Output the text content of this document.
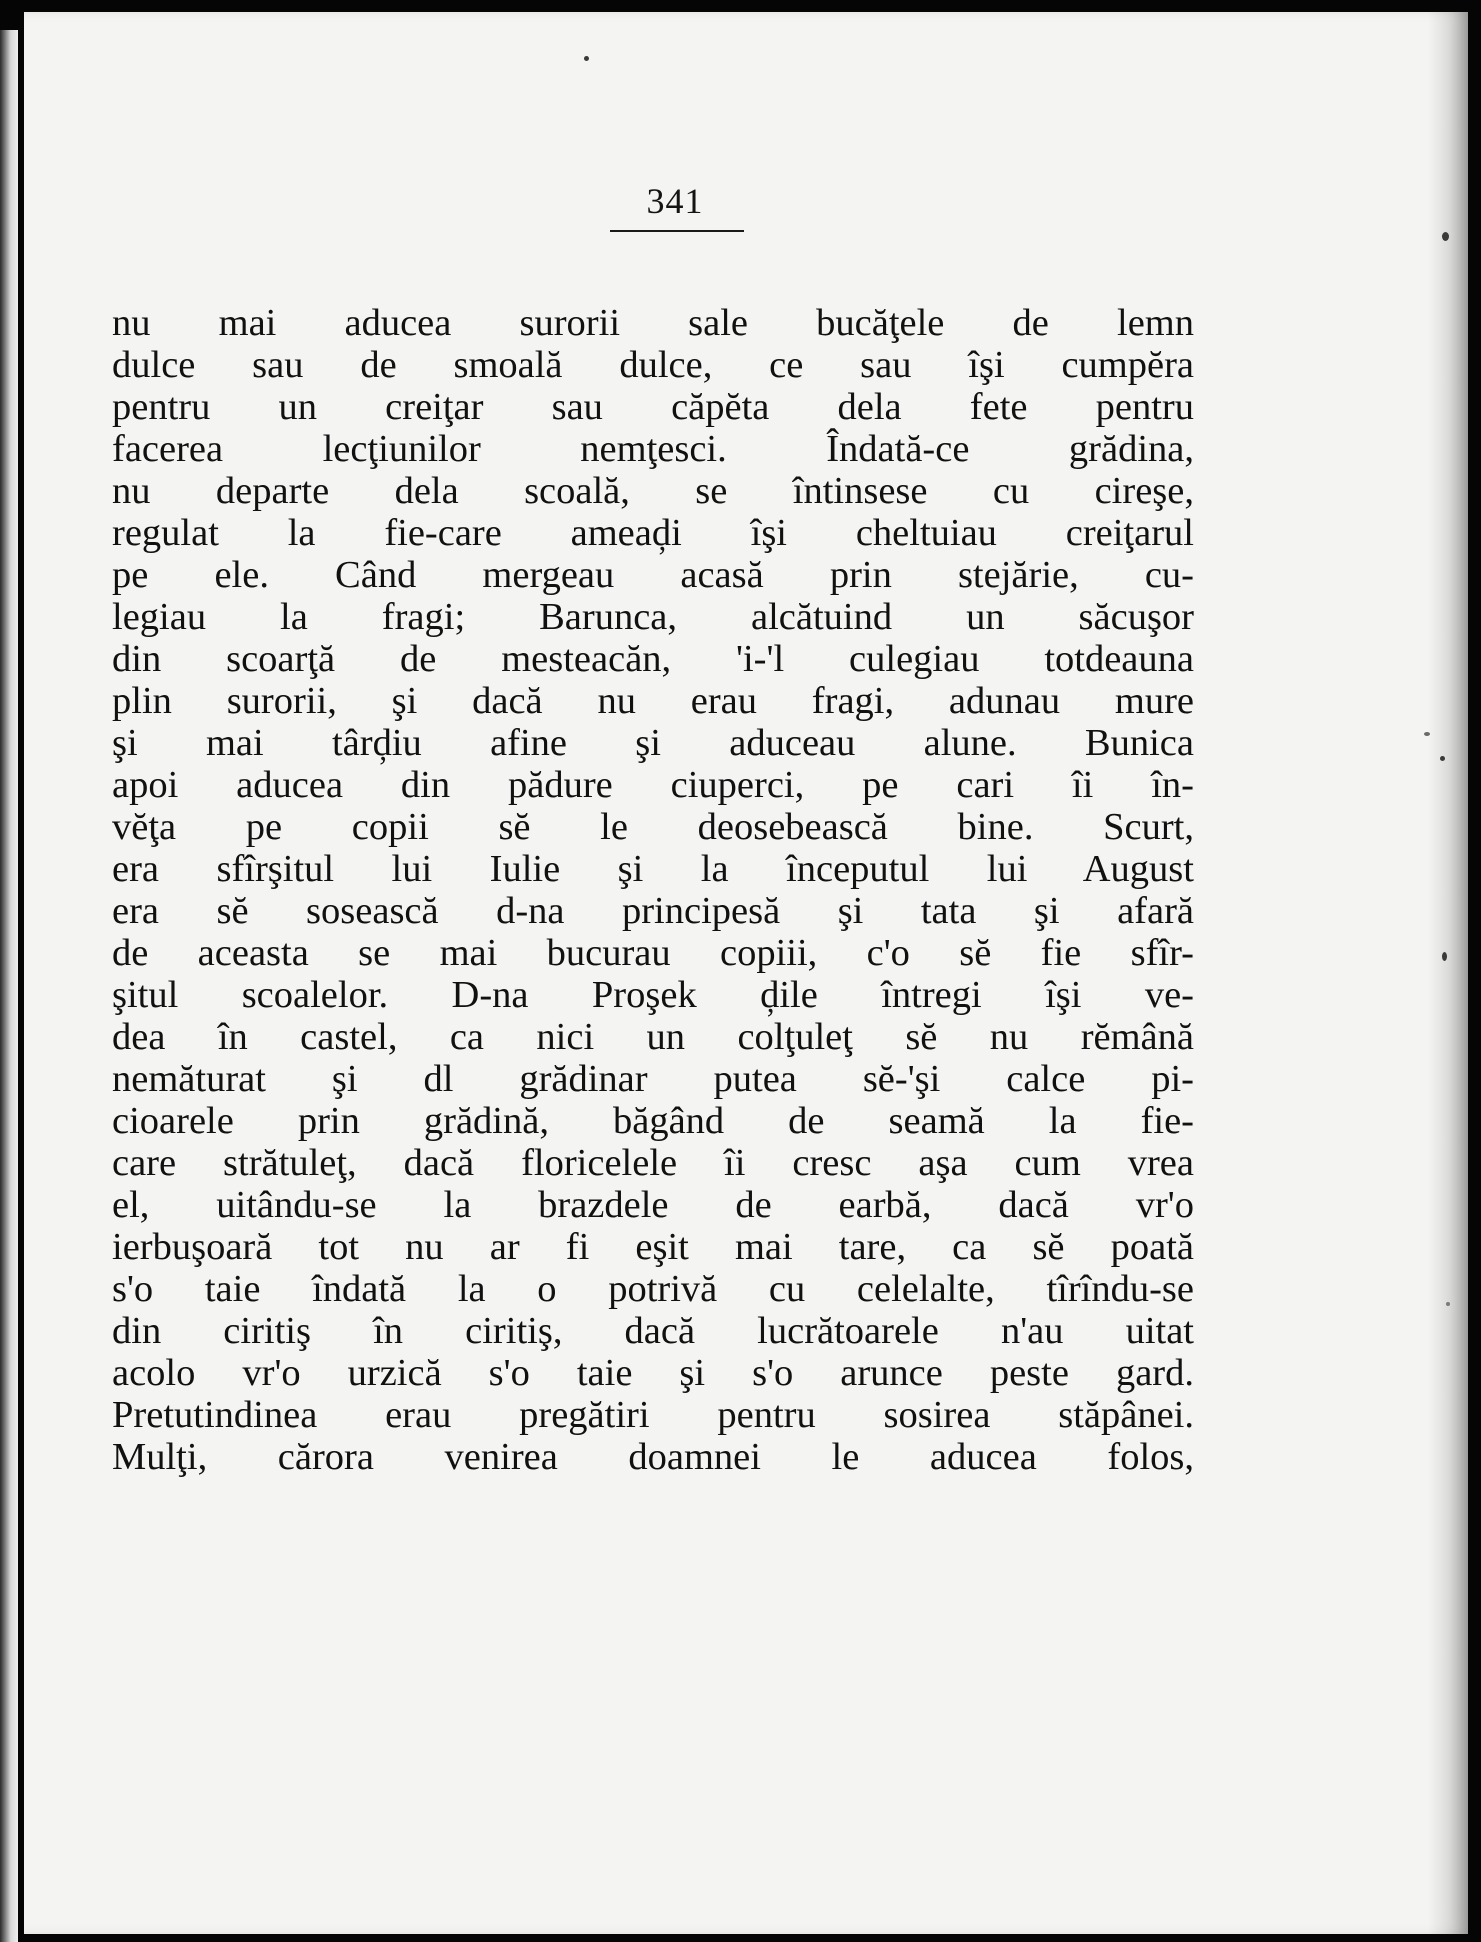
341
nu mai aducea surorii sale bucăţele de lemn
dulce sau de smoală dulce, ce sau îşi cumpĕra
pentru un creiţar sau căpĕta dela fete pentru
facerea lecţiunilor nemţesci. Îndată-ce grădina,
nu departe dela scoală, se întinsese cu cireşe,
regulat la fie-care ameaḑi îşi cheltuiau creiţarul
pe ele. Când mergeau acasă prin stejărie, cu-
legiau la fragi; Barunca, alcătuind un săcuşor
din scoarţă de mesteacăn, 'i-'l culegiau totdeauna
plin surorii, şi dacă nu erau fragi, adunau mure
şi mai târḑiu afine şi aduceau alune. Bunica
apoi aducea din pădure ciuperci, pe cari îi în-
vĕţa pe copii sĕ le deosebească bine. Scurt,
era sfîrşitul lui Iulie şi la începutul lui August
era sĕ sosească d-na principesă şi tata şi afară
de aceasta se mai bucurau copiii, c'o sĕ fie sfîr-
şitul scoalelor. D-na Proşek ḑile întregi îşi ve-
dea în castel, ca nici un colţuleţ sĕ nu rĕmână
nemăturat şi dl grădinar putea sĕ-'şi calce pi-
cioarele prin grădină, băgând de seamă la fie-
care strătuleţ, dacă floricelele îi cresc aşa cum vrea
el, uitându-se la brazdele de earbă, dacă vr'o
ierbuşoară tot nu ar fi eşit mai tare, ca sĕ poată
s'o taie îndată la o potrivă cu celelalte, tîrîndu-se
din ciritiş în ciritiş, dacă lucrătoarele n'au uitat
acolo vr'o urzică s'o taie şi s'o arunce peste gard.
Pretutindinea erau pregătiri pentru sosirea stăpânei.
Mulţi, cărora venirea doamnei le aducea folos,
